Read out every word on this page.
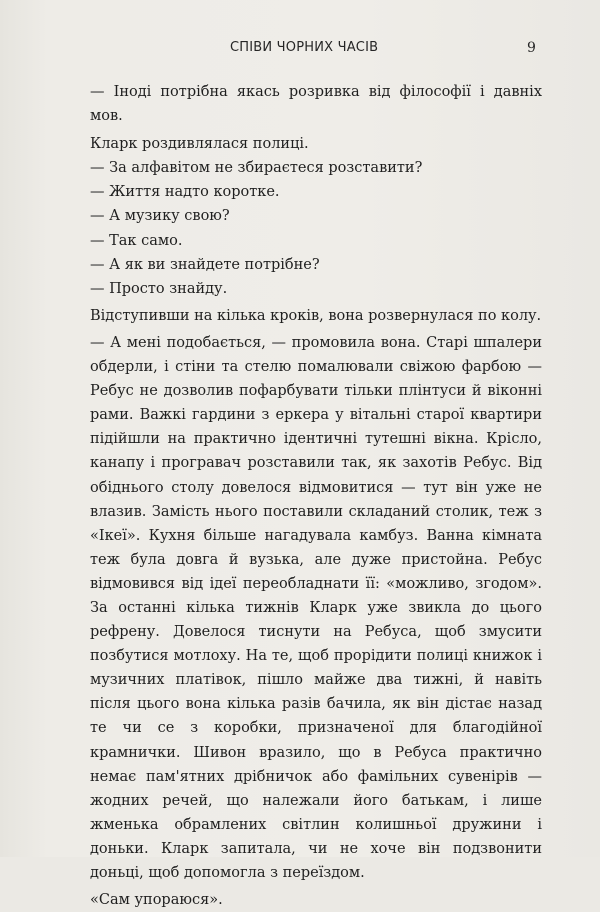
СПІВИ ЧОРНИХ ЧАСІВ	9

— Іноді потрібна якась розривка від філософії і давніх мов.

Кларк роздивлялася полиці.

— За алфавітом не збираєтеся розставити?

— Життя надто коротке.

— А музику свою?

— Так само.

— А як ви знайдете потрібне?

— Просто знайду.

Відступивши на кілька кроків, вона розвернулася по колу.

— А мені подобається, — промовила вона. Старі шпалери обдерли, і стіни та стелю помалювали свіжою фарбою — Ребус не дозволив пофарбувати тільки плінтуси й віконні рами. Важкі гардини з еркера у вітальні старої квартири підійшли на практично ідентичні тутешні вікна. Крісло, канапу і програвач розставили так, як захотів Ребус. Від обіднього столу довелося відмовитися — тут він уже не влазив. Замість нього поставили складаний столик, теж з «Ікеї». Кухня більше нагадувала камбуз. Ванна кімната теж була довга й вузька, але дуже пристойна. Ребус відмовився від ідеї переобладнати її: «можливо, згодом». За останні кілька тижнів Кларк уже звикла до цього рефрену. Довелося тиснути на Ребуса, щоб змусити позбутися мотлоху. На те, щоб прорідити полиці книжок і музичних платівок, пішло майже два тижні, й навіть після цього вона кілька разів бачила, як він дістає назад те чи се з коробки, призначеної для благодійної крамнички. Шивон вразило, що в Ребуса практично немає пам'ятних дрібничок або фамільних сувенірів — жодних речей, що належали його батькам, і лише жменька обрамлених світлин колишньої дружини і доньки. Кларк запитала, чи не хоче він подзвонити доньці, щоб допомогла з переїздом.

«Сам упораюся».
